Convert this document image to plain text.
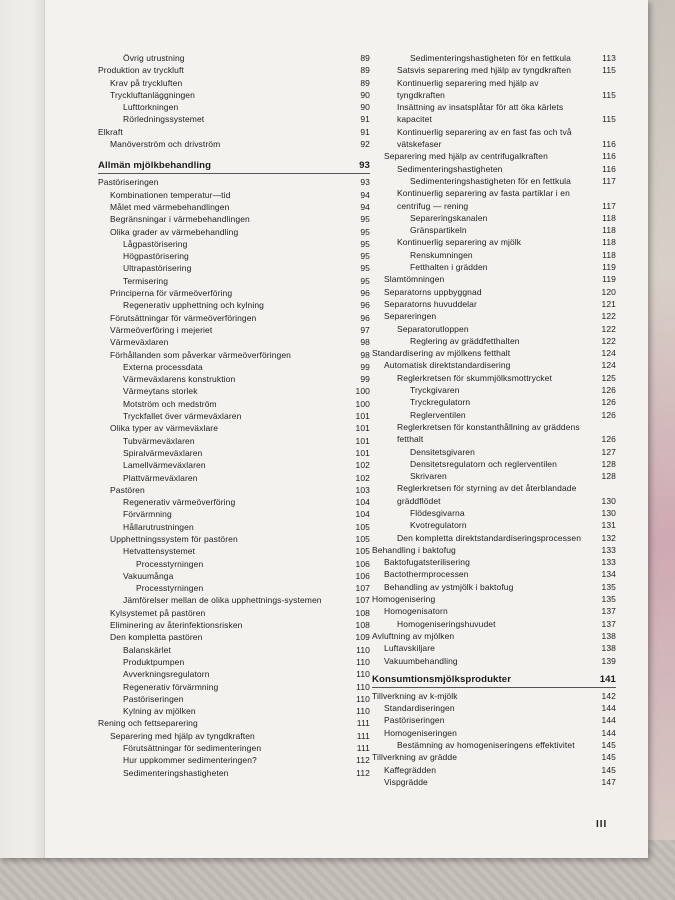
Övrig utrustning	89
Produktion av tryckluft	89
Krav på tryckluften	89
Tryckluftanläggningen	90
Lufttorkningen	90
Rörledningssystemet	91
Elkraft	91
Manöverström och drivström	92
Allmän mjölkbehandling	93
Pastöriseringen	93
Kombinationen temperatur—tid	94
Målet med värmebehandlingen	94
Begränsningar i värmebehandlingen	95
Olika grader av värmebehandling	95
Lågpastörisering	95
Högpastörisering	95
Ultrapastörisering	95
Termisering	95
Principerna för värmeöverföring	96
Regenerativ upphettning och kylning	96
Förutsättningar för värmeöverföringen	96
Värmeöverföring i mejeriet	97
Värmeväxlaren	98
Förhållanden som påverkar värmeöverföringen	98
Externa processdata	99
Värmeväxlarens konstruktion	99
Värmeytans storlek	100
Motström och medström	100
Tryckfallet över värmeväxlaren	101
Olika typer av värmeväxlare	101
Tubvärmeväxlaren	101
Spiralvärmeväxlaren	101
Lamellvärmeväxlaren	102
Plattvärmeväxlaren	102
Pastören	103
Regenerativ värmeöverföring	104
Förvärmning	104
Hållarutrustningen	105
Upphettningssystem för pastören	105
Hetvattensystemet	105
Processtyrningen	106
Vakuumånga	106
Processtyrningen	107
Jämförelser mellan de olika upphettnings-systemen	107
Kylsystemet på pastören	108
Eliminering av återinfektionsrisken	108
Den kompletta pastören	109
Balanskärlet	110
Produktpumpen	110
Avverkningsregulatorn	110
Regenerativ förvärmning	110
Pastöriseringen	110
Kylning av mjölken	110
Rening och fettseparering	111
Separering med hjälp av tyngdkraften	111
Förutsättningar för sedimenteringen	111
Hur uppkommer sedimenteringen?	112
Sedimenteringshastigheten	112
Sedimenteringshastigheten för en fettkula	113
Satsvis separering med hjälp av tyngdkraften	115
Kontinuerlig separering med hjälp av tyngdkraften	115
Insättning av insatsplåtar för att öka kärlets kapacitet	115
Kontinuerlig separering av en fast fas och två vätskefaser	116
Separering med hjälp av centrifugalkraften	116
Sedimenteringshastigheten	116
Sedimenteringshastigheten för en fettkula	117
Kontinuerlig separering av fasta partiklar i en centrifug — rening	117
Separeringskanalen	118
Gränspartikeln	118
Kontinuerlig separering av mjölk	118
Renskumningen	118
Fetthalten i grädden	119
Slamtömningen	119
Separatorns uppbyggnad	120
Separatorns huvuddelar	121
Separeringen	122
Separatorutloppen	122
Reglering av gräddfetthalten	122
Standardisering av mjölkens fetthalt	124
Automatisk direktstandardisering	124
Reglerkretsen för skummjölksmottrycket	125
Tryckgivaren	126
Tryckregulatorn	126
Reglerventilen	126
Reglerkretsen för konstanthållning av gräddens fetthalt	126
Densitetsgivaren	127
Densitetsregulatorn och reglerventilen	128
Skrivaren	128
Reglerkretsen för styrning av det återblandade gräddflödet	130
Flödesgivarna	130
Kvotregulatorn	131
Den kompletta direktstandardiseringsprocessen	132
Behandling i baktofug	133
Baktofugatsterilisering	133
Bactothermprocessen	134
Behandling av ystmjölk i baktofug	135
Homogenisering	135
Homogenisatorn	137
Homogeniseringshuvudet	137
Avluftning av mjölken	138
Luftavskiljare	138
Vakuumbehandling	139
Konsumtionsmjölksprodukter	141
Tillverkning av k-mjölk	142
Standardiseringen	144
Pastöriseringen	144
Homogeniseringen	144
Bestämning av homogeniseringens effektivitet	145
Tillverkning av grädde	145
Kaffegrädden	145
Vispgrädde	147
III
